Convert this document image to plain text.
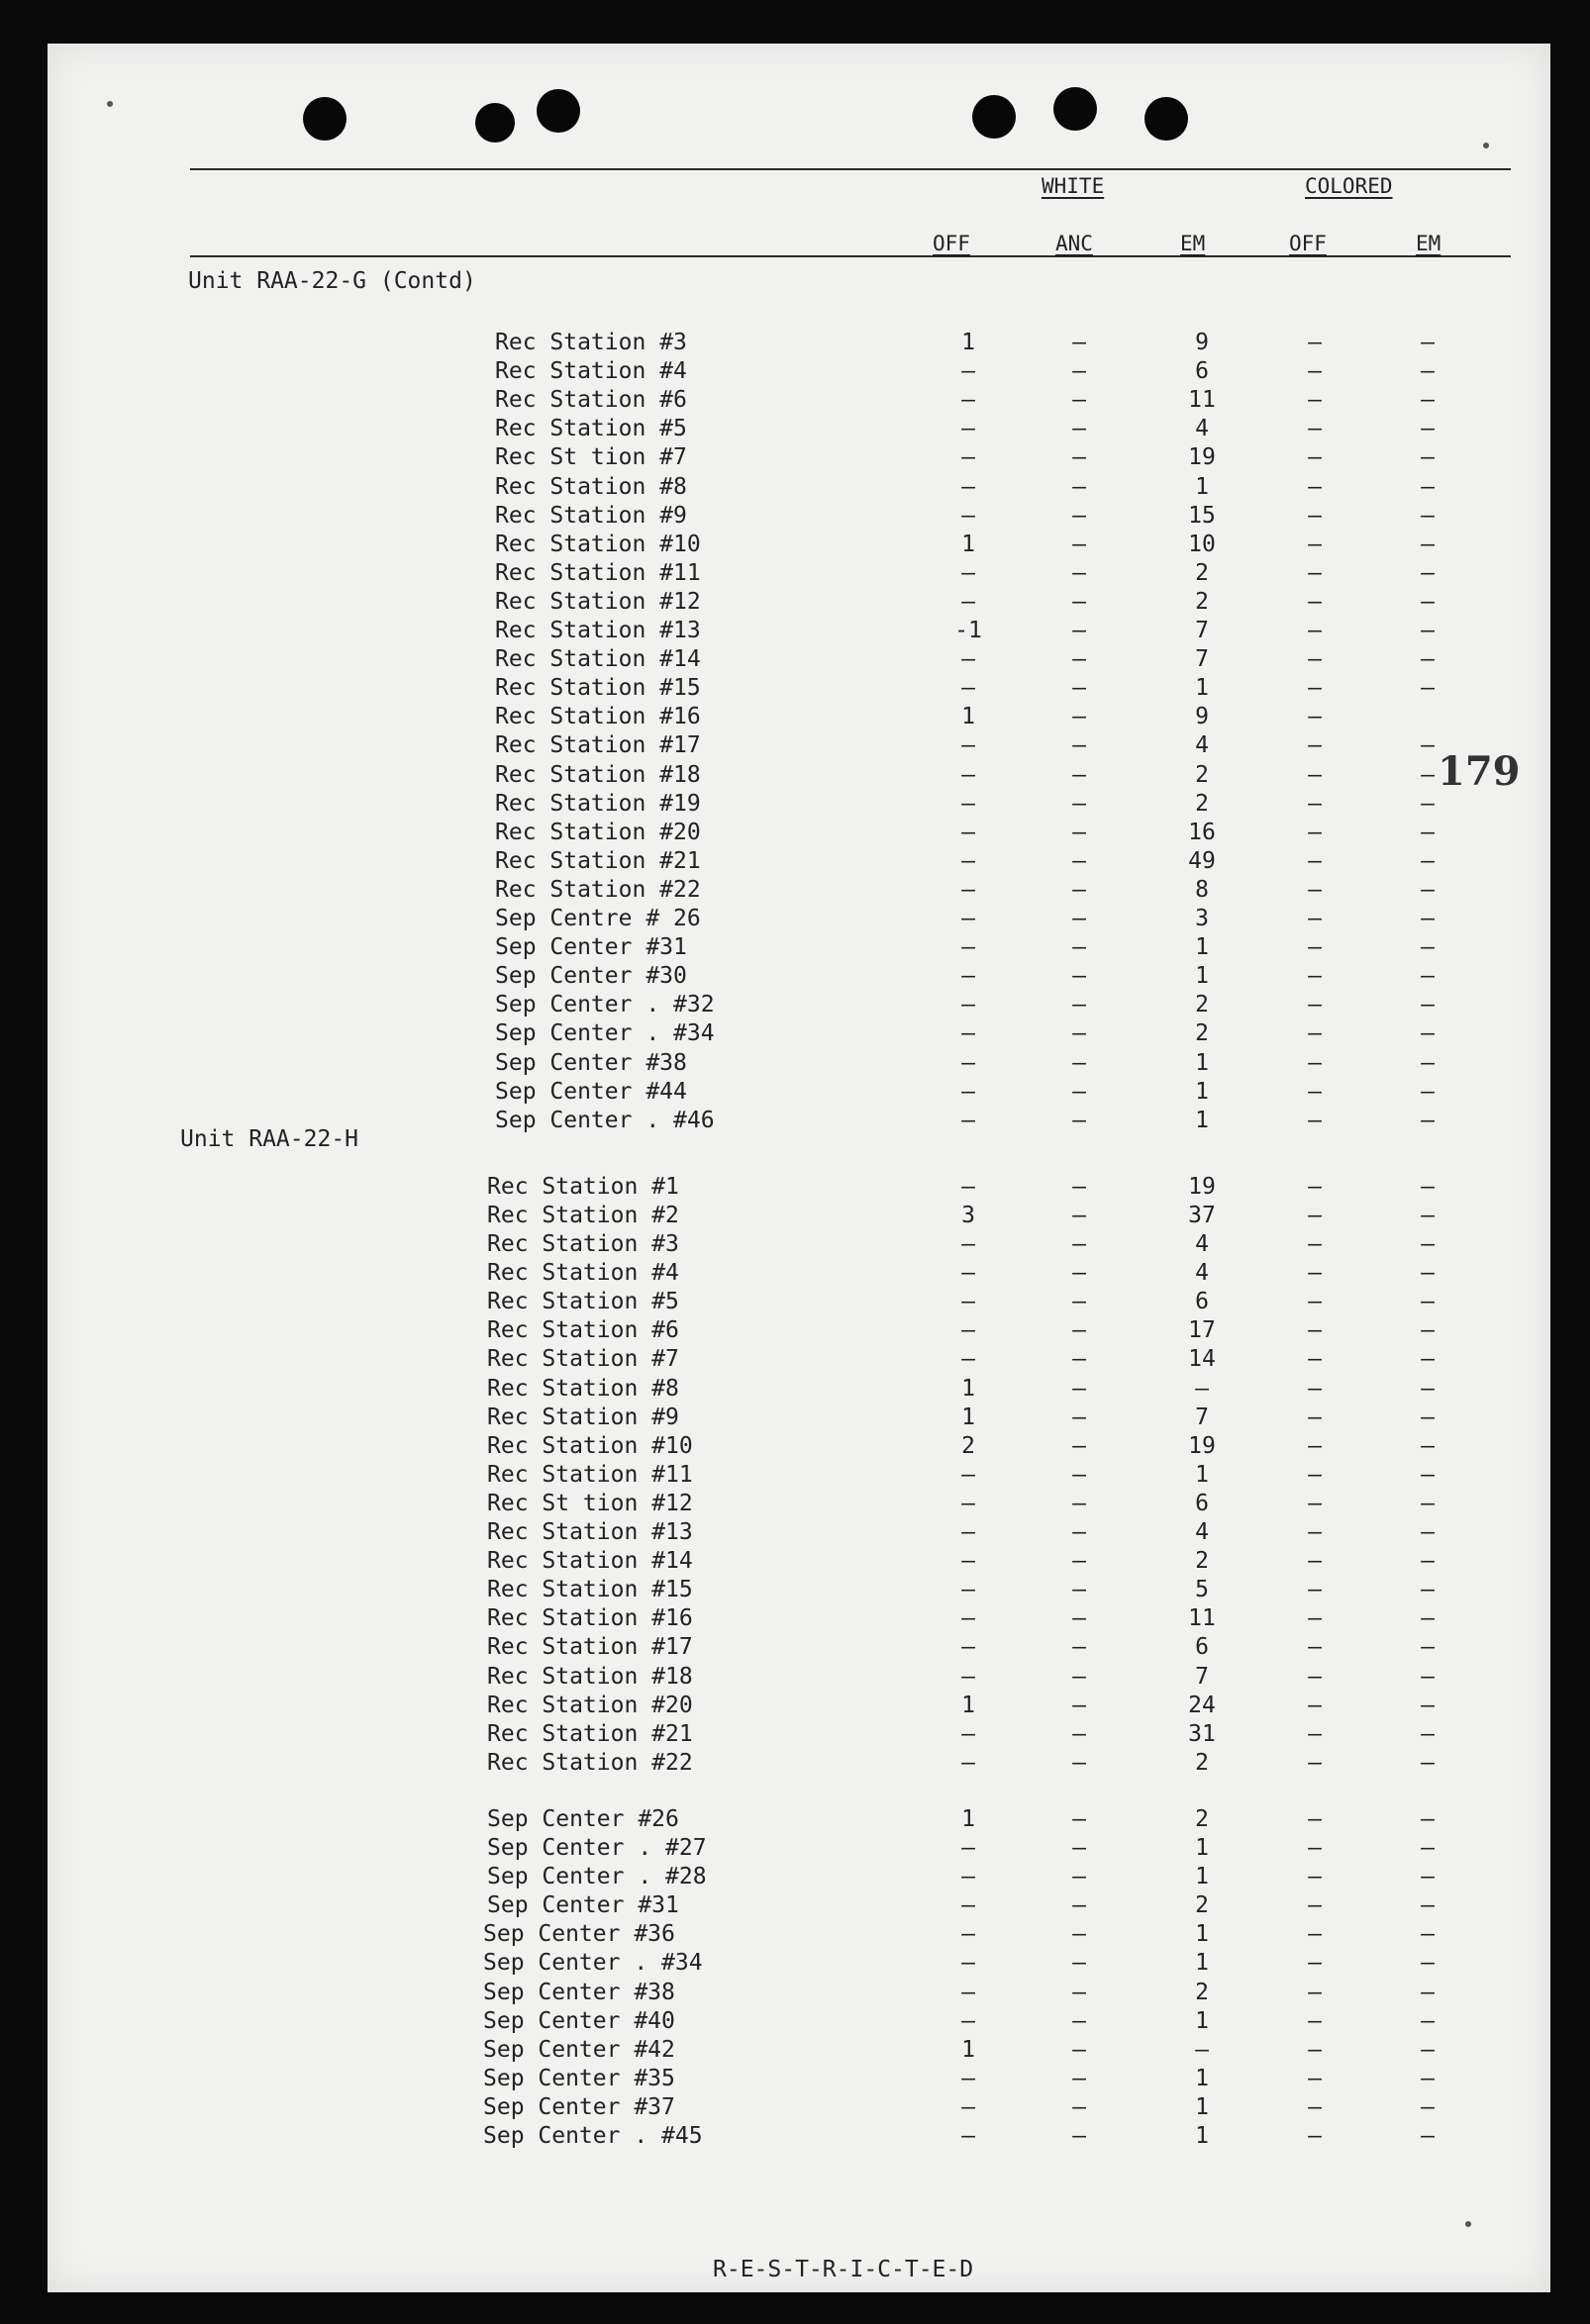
WHITE	COLORED
OFF	ANC	EM	OFF	EM
Unit RAA-22-G (Contd)
Rec Station #3	1	–	9	–	–
Rec Station #4	–	–	6	–	–
Rec Station #6	–	–	11	–	–
Rec Station #5	–	–	4	–	–
Rec St tion #7	–	–	19	–	–
Rec Station #8	–	–	1	–	–
Rec Station #9	–	–	15	–	–
Rec Station #10	1	–	10	–	–
Rec Station #11	–	–	2	–	–
Rec Station #12	–	–	2	–	–
Rec Station #13	-1	–	7	–	–
Rec Station #14	–	–	7	–	–
Rec Station #15	–	–	1	–	–
Rec Station #16	1	–	9	–
Rec Station #17	–	–	4	–	–
Rec Station #18	–	–	2	–	–
Rec Station #19	–	–	2	–	–
Rec Station #20	–	–	16	–	–
Rec Station #21	–	–	49	–	–
Rec Station #22	–	–	8	–	–
Sep Centre # 26	–	–	3	–	–
Sep Center #31	–	–	1	–	–
Sep Center #30	–	–	1	–	–
Sep Center . #32	–	–	2	–	–
Sep Center . #34	–	–	2	–	–
Sep Center #38	–	–	1	–	–
Sep Center #44	–	–	1	–	–
Sep Center . #46	–	–	1	–	–
Unit RAA-22-H
Rec Station #1	–	–	19	–	–
Rec Station #2	3	–	37	–	–
Rec Station #3	–	–	4	–	–
Rec Station #4	–	–	4	–	–
Rec Station #5	–	–	6	–	–
Rec Station #6	–	–	17	–	–
Rec Station #7	–	–	14	–	–
Rec Station #8	1	–	–	–	–
Rec Station #9	1	–	7	–	–
Rec Station #10	2	–	19	–	–
Rec Station #11	–	–	1	–	–
Rec St tion #12	–	–	6	–	–
Rec Station #13	–	–	4	–	–
Rec Station #14	–	–	2	–	–
Rec Station #15	–	–	5	–	–
Rec Station #16	–	–	11	–	–
Rec Station #17	–	–	6	–	–
Rec Station #18	–	–	7	–	–
Rec Station #20	1	–	24	–	–
Rec Station #21	–	–	31	–	–
Rec Station #22	–	–	2	–	–
Sep Center #26	1	–	2	–	–
Sep Center . #27	–	–	1	–	–
Sep Center . #28	–	–	1	–	–
Sep Center #31	–	–	2	–	–
Sep Center #36	–	–	1	–	–
Sep Center . #34	–	–	1	–	–
Sep Center #38	–	–	2	–	–
Sep Center #40	–	–	1	–	–
Sep Center #42	1	–	–	–	–
Sep Center #35	–	–	1	–	–
Sep Center #37	–	–	1	–	–
Sep Center . #45	–	–	1	–	–
179
R-E-S-T-R-I-C-T-E-D
